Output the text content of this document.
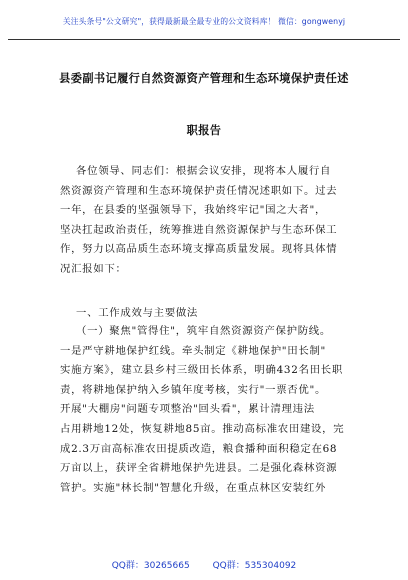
关注头条号"公文研究"，获得最新最全最专业的公文资料库！ 微信：gongwenyj
县委副书记履行自然资源资产管理和生态环境保护责任述
职报告
各位领导、同志们：根据会议安排，现将本人履行自
然资源资产管理和生态环境保护责任情况述职如下。过去
一年，在县委的坚强领导下，我始终牢记"国之大者"，
坚决扛起政治责任，统筹推进自然资源保护与生态环保工
作，努力以高品质生态环境支撑高质量发展。现将具体情
况汇报如下：
一、工作成效与主要做法
（一）聚焦"管得住"，筑牢自然资源资产保护防线。
一是严守耕地保护红线。牵头制定《耕地保护"田长制"
实施方案》，建立县乡村三级田长体系，明确432名田长职
责，将耕地保护纳入乡镇年度考核，实行"一票否优"。
开展"大棚房"问题专项整治"回头看"，累计清理违法
占用耕地12处，恢复耕地85亩。推动高标准农田建设，完
成2.3万亩高标准农田提质改造，粮食播种面积稳定在68
万亩以上，获评全省耕地保护先进县。二是强化森林资源
管护。实施"林长制"智慧化升级，在重点林区安装红外
QQ群：30265665        QQ群：535304092
